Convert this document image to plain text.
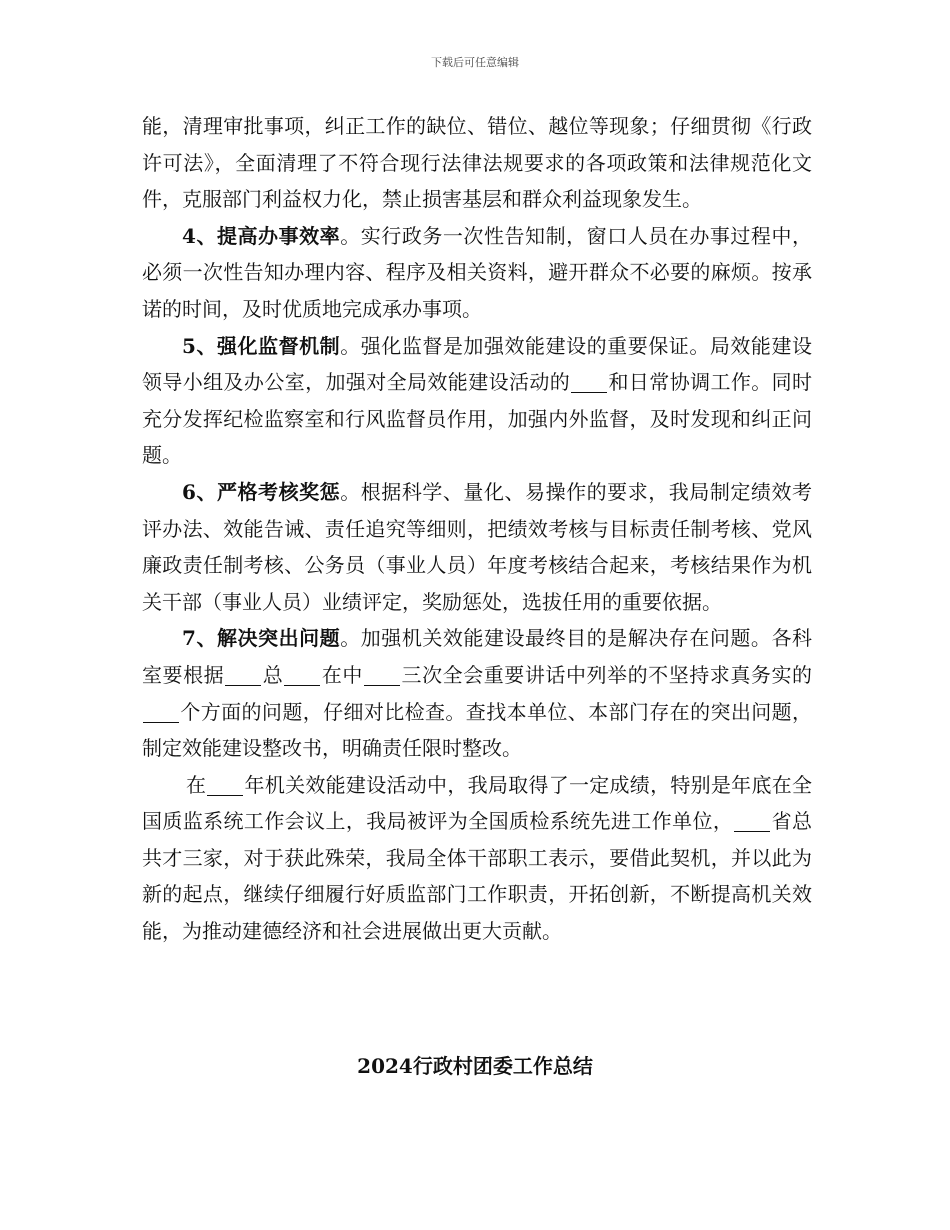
下载后可任意编辑

能，清理审批事项，纠正工作的缺位、错位、越位等现象；仔细贯彻《行政许可法》，全面清理了不符合现行法律法规要求的各项政策和法律规范化文件，克服部门利益权力化，禁止损害基层和群众利益现象发生。

4、提高办事效率。实行政务一次性告知制，窗口人员在办事过程中，必须一次性告知办理内容、程序及相关资料，避开群众不必要的麻烦。按承诺的时间，及时优质地完成承办事项。

5、强化监督机制。强化监督是加强效能建设的重要保证。局效能建设领导小组及办公室，加强对全局效能建设活动的 和日常协调工作。同时充分发挥纪检监察室和行风监督员作用，加强内外监督，及时发现和纠正问题。

6、严格考核奖惩。根据科学、量化、易操作的要求，我局制定绩效考评办法、效能告诫、责任追究等细则，把绩效考核与目标责任制考核、党风廉政责任制考核、公务员（事业人员）年度考核结合起来，考核结果作为机关干部（事业人员）业绩评定，奖励惩处，选拔任用的重要依据。

7、解决突出问题。加强机关效能建设最终目的是解决存在问题。各科室要根据 总 在中 三次全会重要讲话中列举的不坚持求真务实的个方面的问题，仔细对比检查。查找本单位、本部门存在的突出问题，制定效能建设整改书，明确责任限时整改。

在 年机关效能建设活动中，我局取得了一定成绩，特别是年底在全国质监系统工作会议上，我局被评为全国质检系统先进工作单位， 省总共才三家，对于获此殊荣，我局全体干部职工表示，要借此契机，并以此为新的起点，继续仔细履行好质监部门工作职责，开拓创新，不断提高机关效能，为推动建德经济和社会进展做出更大贡献。

2024行政村团委工作总结
